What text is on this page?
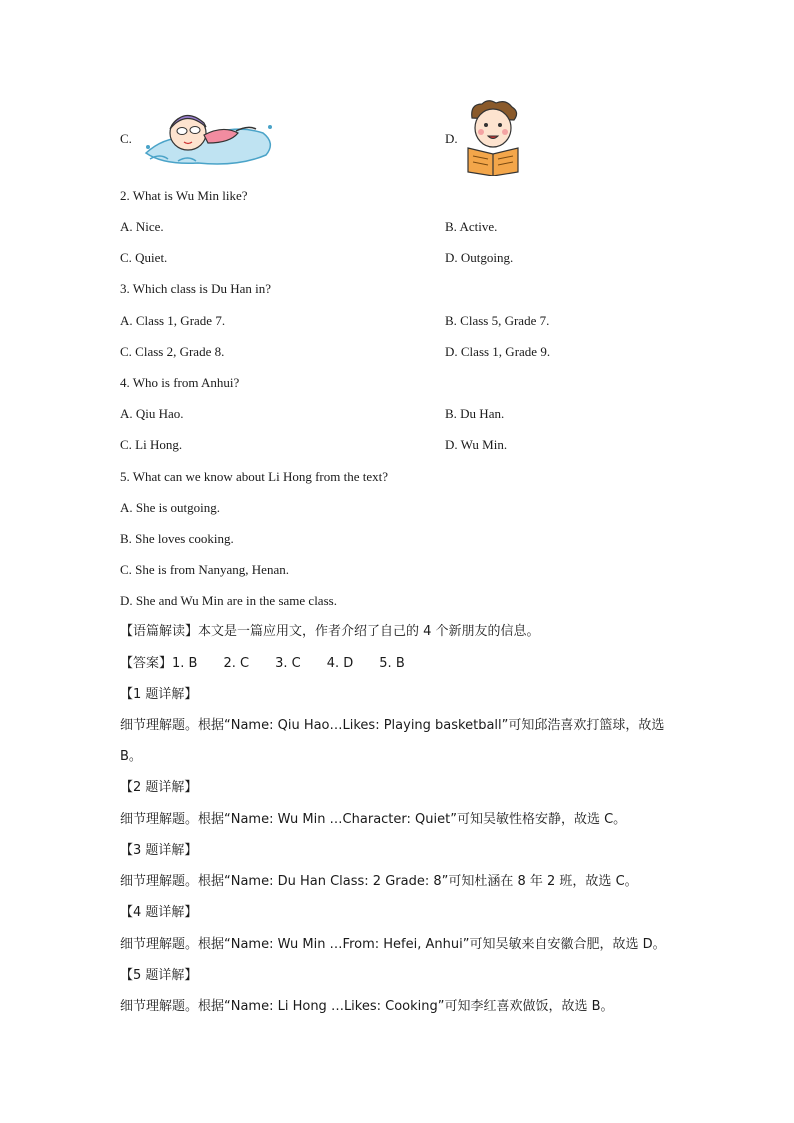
C.	D.
2. What is Wu Min like?
A. Nice.	B. Active.
C. Quiet.	D. Outgoing.
3. Which class is Du Han in?
A. Class 1, Grade 7.	B. Class 5, Grade 7.
C. Class 2, Grade 8.	D. Class 1, Grade 9.
4. Who is from Anhui?
A. Qiu Hao.	B. Du Han.
C. Li Hong.	D. Wu Min.
5. What can we know about Li Hong from the text?
A. She is outgoing.
B. She loves cooking.
C. She is from Nanyang, Henan.
D. She and Wu Min are in the same class.
【语篇解读】本文是一篇应用文，作者介绍了自己的 4 个新朋友的信息。
【答案】1. B 2. C 3. C 4. D 5. B
【1 题详解】
细节理解题。根据“Name: Qiu Hao…Likes: Playing basketball”可知邱浩喜欢打篮球，故选
B。
【2 题详解】
细节理解题。根据“Name: Wu Min …Character: Quiet”可知吴敏性格安静，故选 C。
【3 题详解】
细节理解题。根据“Name: Du Han Class: 2 Grade: 8”可知杜涵在 8 年 2 班，故选 C。
【4 题详解】
细节理解题。根据“Name: Wu Min …From: Hefei, Anhui”可知吴敏来自安徽合肥，故选 D。
【5 题详解】
细节理解题。根据“Name: Li Hong …Likes: Cooking”可知李红喜欢做饭，故选 B。
